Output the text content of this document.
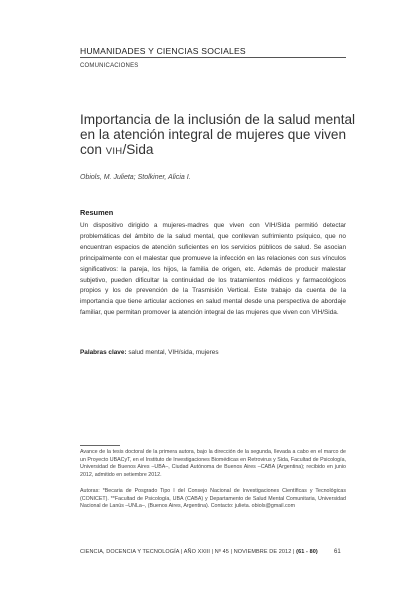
HUMANIDADES Y CIENCIAS SOCIALES
COMUNICACIONES
Importancia de la inclusión de la salud mental
en la atención integral de mujeres que viven
con VIH/Sida
Obiols, M. Julieta; Stolkiner, Alicia I.
Resumen

Un dispositivo dirigido a mujeres-madres que viven con VIH/Sida permitió detectar problemáticas del ámbito de la salud mental, que conllevan sufrimiento psíquico, que no encuentran espacios de atención suficientes en los servicios públicos de salud. Se asocian principalmente con el malestar que promueve la infección en las relaciones con sus vínculos significativos: la pareja, los hijos, la familia de origen, etc. Además de producir malestar subjetivo, pueden dificultar la continuidad de los tratamientos médicos y farmacológicos propios y los de prevención de la Trasmisión Vertical. Este trabajo da cuenta de la importancia que tiene articular acciones en salud mental desde una perspectiva de abordaje familiar, que permitan promover la atención integral de las mujeres que viven con VIH/Sida.

Palabras clave: salud mental, VIH/sida, mujeres

Avance de la tesis doctoral de la primera autora, bajo la dirección de la segunda, llevada a cabo en el marco de un Proyecto UBACyT, en el Instituto de Investigaciones Biomédicas en Retrovirus y Sida, Facultad de Psicología, Universidad de Buenos Aires –UBA–, Ciudad Autónoma de Buenos Aires –CABA (Argentina); recibido en junio 2012, admitido en setiembre 2012.

Autoras: *Becaria de Posgrado Tipo I del Consejo Nacional de Investigaciones Científicas y Tecnológicas (CONICET). **Facultad de Psicología, UBA (CABA) y Departamento de Salud Mental Comunitaria, Universidad Nacional de Lanús –UNLa–, (Buenos Aires, Argentina). Contacto: julieta. obiols@gmail.com

CIENCIA, DOCENCIA Y TECNOLOGÍA | AÑO XXIII | Nº 45 | NOVIEMBRE DE 2012 | (61 - 80)	61
